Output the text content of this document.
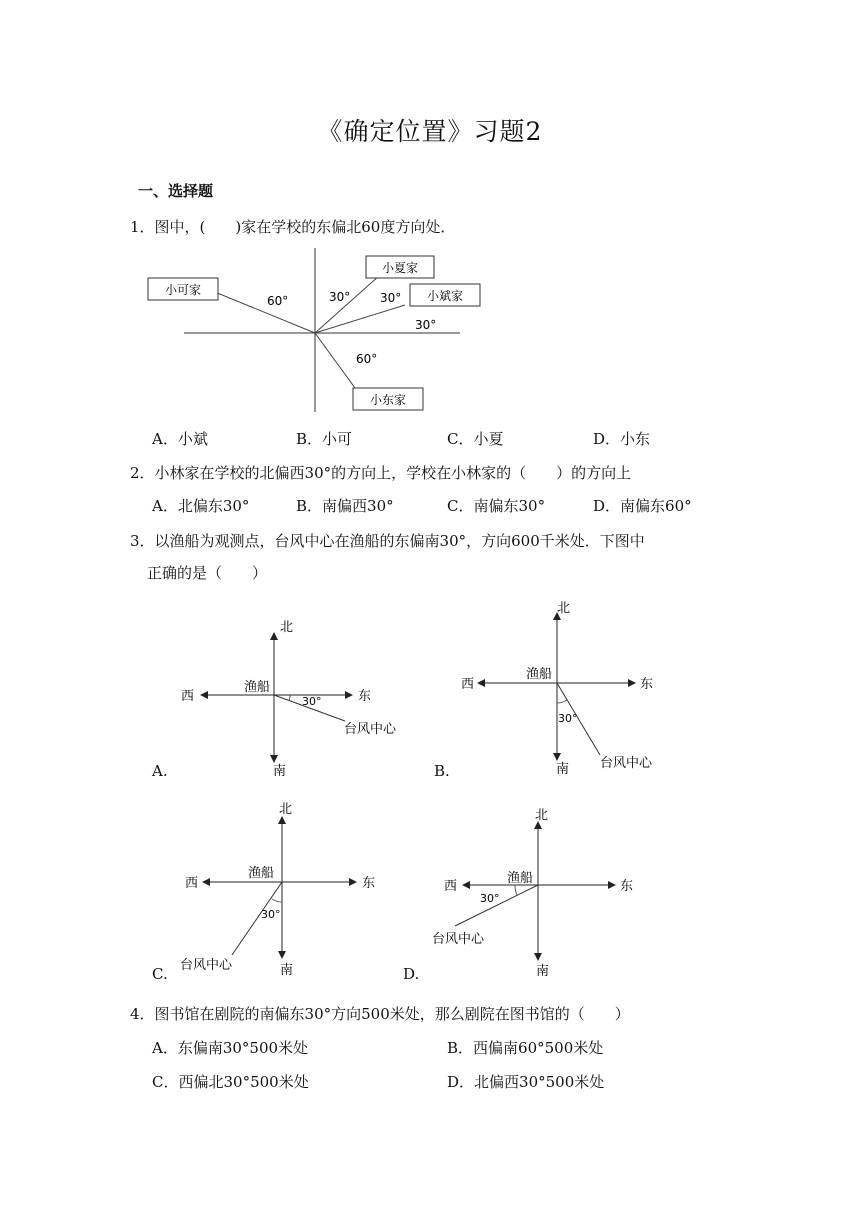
《确定位置》习题2
一、选择题
1．图中，(　　)家在学校的东偏北60度方向处．
小可家
小夏家
小斌家
小东家
60°	30° 30°
30°
60°
A．小斌	B．小可	C．小夏	D．小东
2．小林家在学校的北偏西30°的方向上，学校在小林家的（　　）的方向上
A．北偏东30°	B．南偏西30°	C．南偏东30°	D．南偏东60°
3．以渔船为观测点，台风中心在渔船的东偏南30°，方向600千米处．下图中
正确的是（　　）
北
南
东
西
渔船
台风中心
30°
北
南
东
西
渔船
台风中心
30°
北
南
东
西
渔船
台风中心
30°
北
南
东
西
渔船
台风中心
30°
A.	B.
C.	D.
4．图书馆在剧院的南偏东30°方向500米处，那么剧院在图书馆的（　　）
A．东偏南30°500米处	B．西偏南60°500米处
C．西偏北30°500米处	D．北偏西30°500米处
